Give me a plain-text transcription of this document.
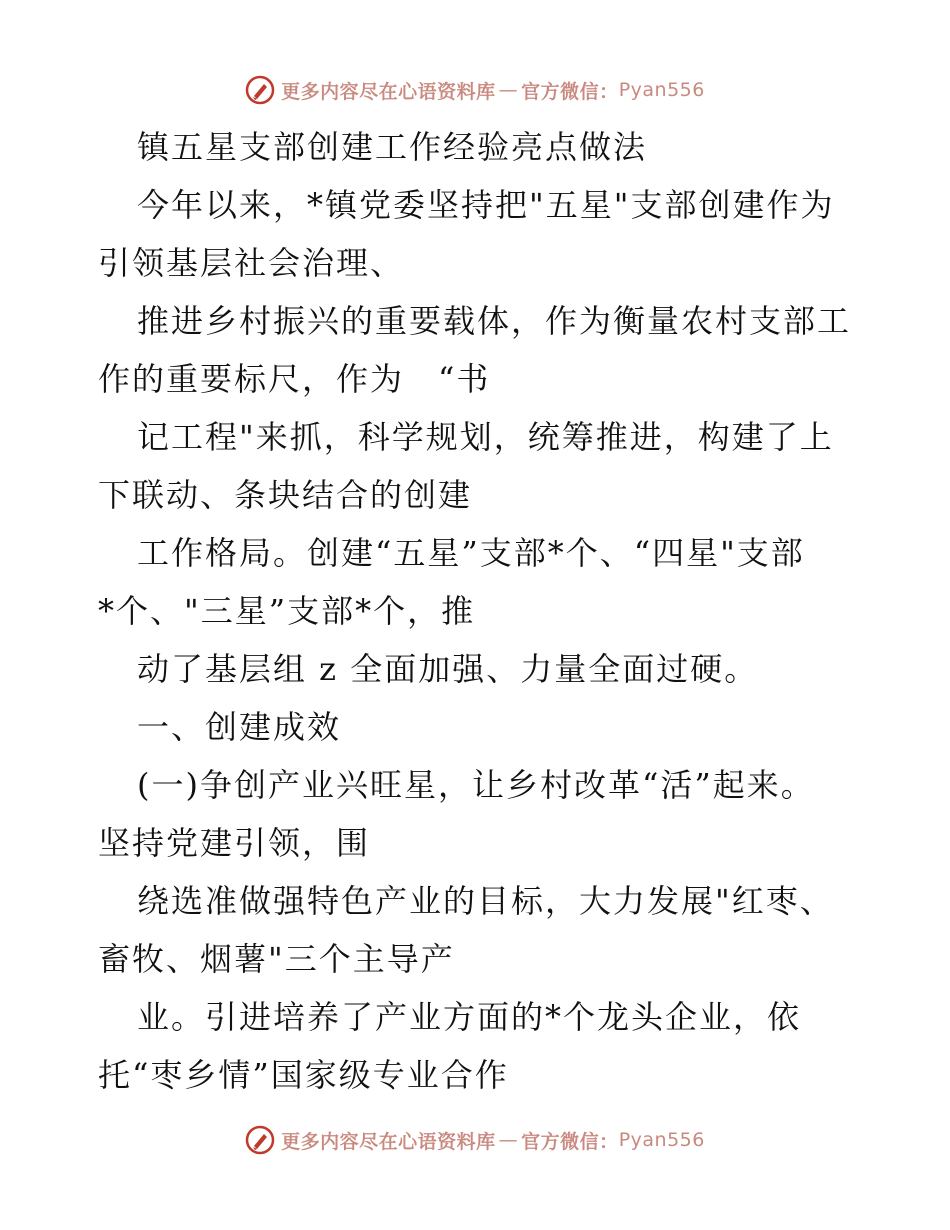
更多内容尽在心语资料库 — 官方微信： Pyan556
镇五星支部创建工作经验亮点做法
今年以来，*镇党委坚持把"五星"支部创建作为
引领基层社会治理、
推进乡村振兴的重要载体，作为衡量农村支部工
作的重要标尺，作为　“书
记工程"来抓，科学规划，统筹推进，构建了上
下联动、条块结合的创建
工作格局。创建“五星”支部*个、“四星"支部
*个、"三星”支部*个，推
动了基层组 z 全面加强、力量全面过硬。
一、创建成效
(一)争创产业兴旺星，让乡村改革“活”起来。
坚持党建引领，围
绕选准做强特色产业的目标，大力发展"红枣、
畜牧、烟薯"三个主导产
业。引进培养了产业方面的*个龙头企业，依
托“枣乡情”国家级专业合作
更多内容尽在心语资料库 — 官方微信： Pyan556
